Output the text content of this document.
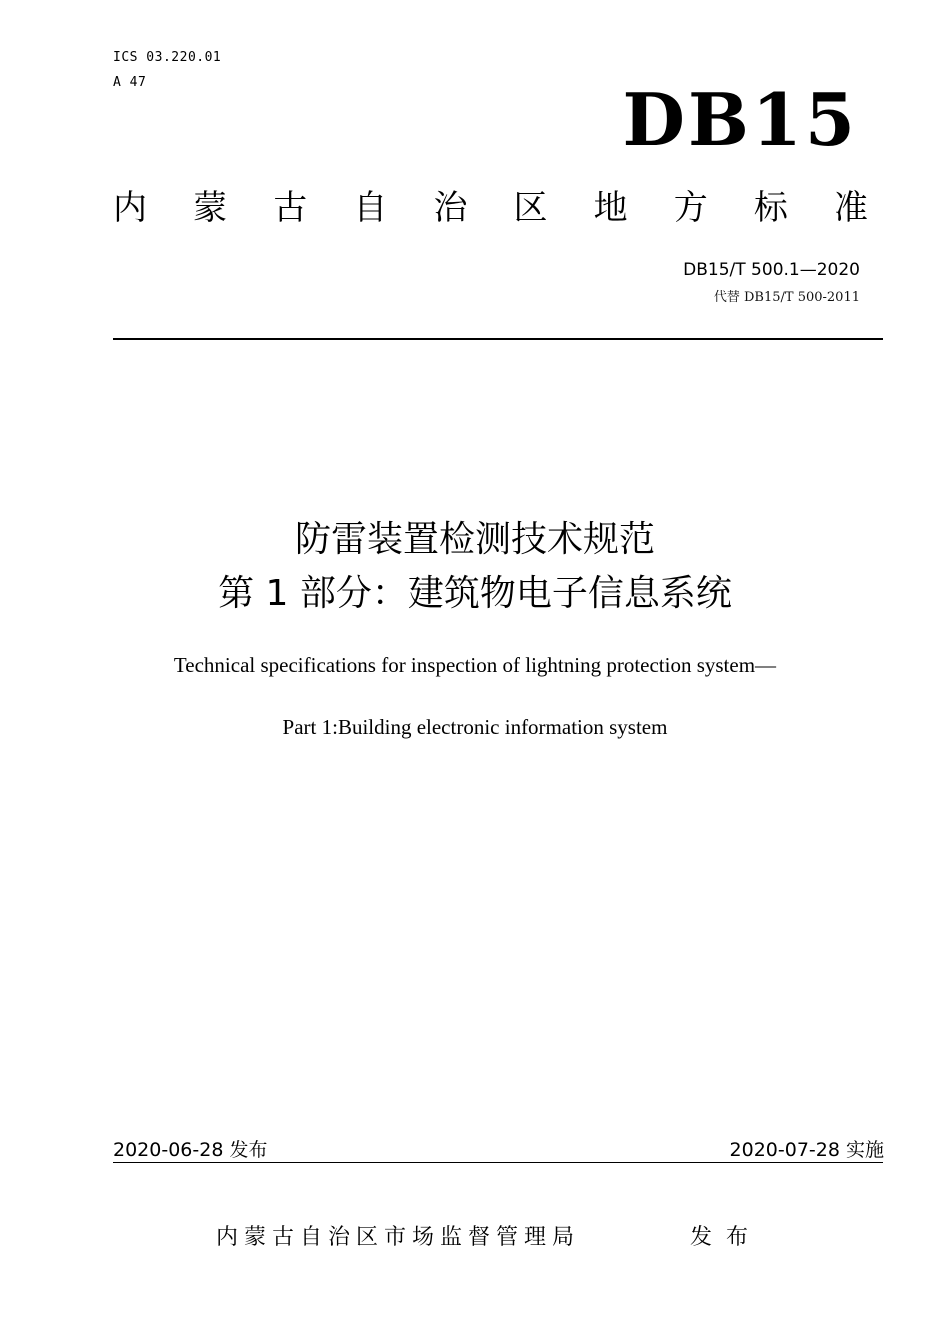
ICS 03.220.01
A 47	DB15
内 蒙 古 自 治 区 地 方 标 准
DB15/T 500.1—2020
代替 DB15/T 500-2011
防雷装置检测技术规范
第 1 部分：建筑物电子信息系统
Technical specifications for inspection of lightning protection system—
Part 1:Building electronic information system
2020-06-28 发布	2020-07-28 实施
内蒙古自治区市场监督管理局	发布
